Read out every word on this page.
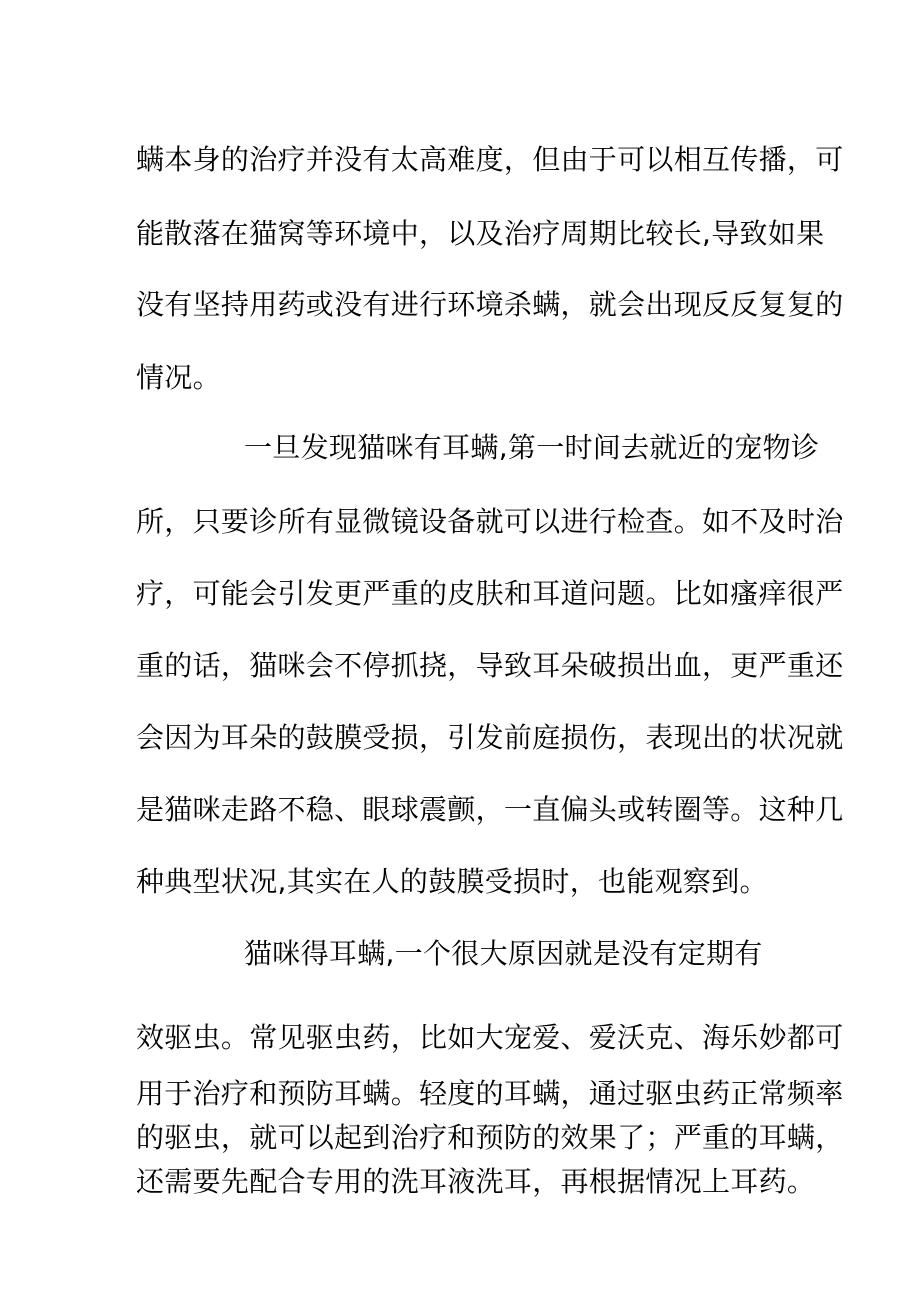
螨本身的治疗并没有太高难度，但由于可以相互传播，可
能散落在猫窝等环境中，以及治疗周期比较长,导致如果
没有坚持用药或没有进行环境杀螨，就会出现反反复复的
情况。
一旦发现猫咪有耳螨,第一时间去就近的宠物诊
所，只要诊所有显微镜设备就可以进行检查。如不及时治
疗，可能会引发更严重的皮肤和耳道问题。比如瘙痒很严
重的话，猫咪会不停抓挠，导致耳朵破损出血，更严重还
会因为耳朵的鼓膜受损，引发前庭损伤，表现出的状况就
是猫咪走路不稳、眼球震颤，一直偏头或转圈等。这种几
种典型状况,其实在人的鼓膜受损时，也能观察到。
猫咪得耳螨,一个很大原因就是没有定期有
效驱虫。常见驱虫药，比如大宠爱、爱沃克、海乐妙都可
用于治疗和预防耳螨。轻度的耳螨，通过驱虫药正常频率
的驱虫，就可以起到治疗和预防的效果了；严重的耳螨，
还需要先配合专用的洗耳液洗耳，再根据情况上耳药。
